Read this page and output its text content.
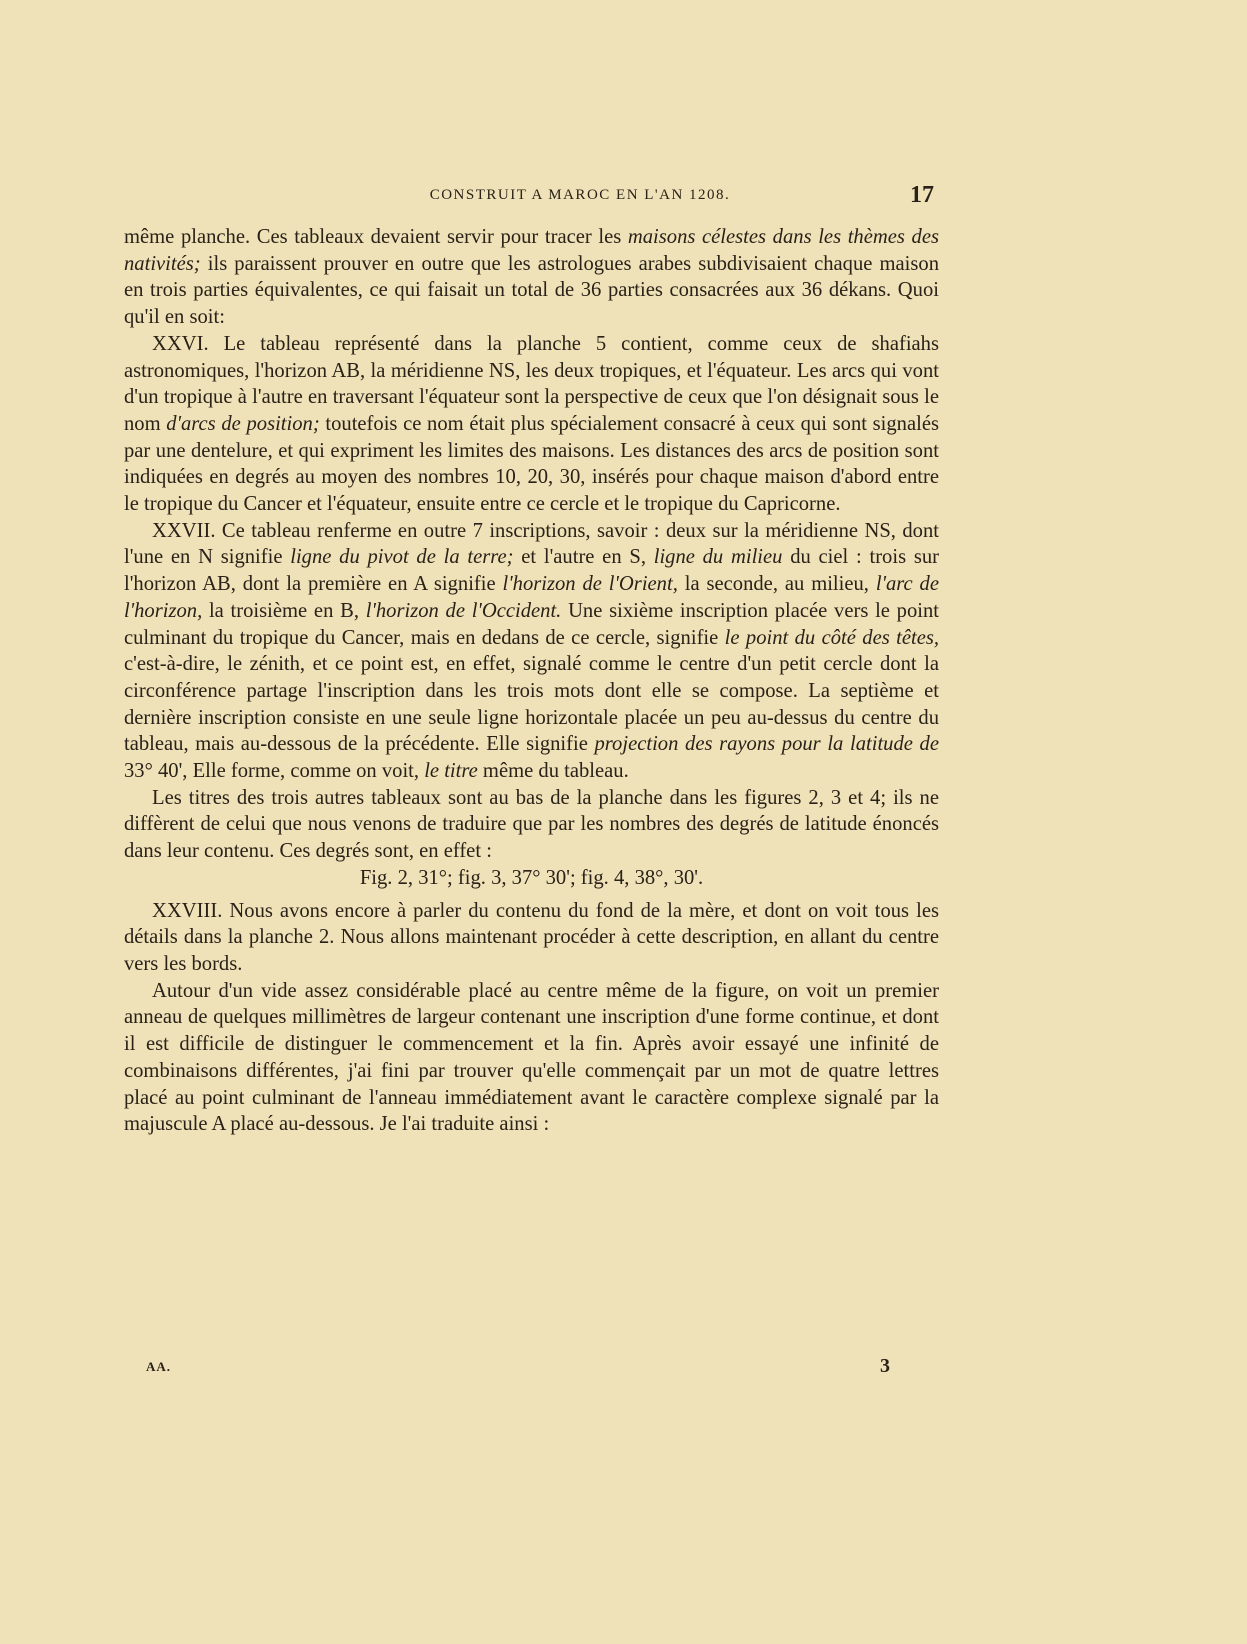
CONSTRUIT A MAROC EN L'AN 1208.	17

même planche. Ces tableaux devaient servir pour tracer les maisons célestes dans les thèmes des nativités; ils paraissent prouver en outre que les astrologues arabes subdivisaient chaque maison en trois parties équivalentes, ce qui faisait un total de 36 parties consacrées aux 36 dékans. Quoi qu'il en soit:

XXVI. Le tableau représenté dans la planche 5 contient, comme ceux de shafiahs astronomiques, l'horizon AB, la méridienne NS, les deux tropiques, et l'équateur. Les arcs qui vont d'un tropique à l'autre en traversant l'équateur sont la perspective de ceux que l'on désignait sous le nom d'arcs de position; toutefois ce nom était plus spécialement consacré à ceux qui sont signalés par une dentelure, et qui expriment les limites des maisons. Les distances des arcs de position sont indiquées en degrés au moyen des nombres 10, 20, 30, insérés pour chaque maison d'abord entre le tropique du Cancer et l'équateur, ensuite entre ce cercle et le tropique du Capricorne.

XXVII. Ce tableau renferme en outre 7 inscriptions, savoir : deux sur la méridienne NS, dont l'une en N signifie ligne du pivot de la terre; et l'autre en S, ligne du milieu du ciel : trois sur l'horizon AB, dont la première en A signifie l'horizon de l'Orient, la seconde, au milieu, l'arc de l'horizon, la troisième en B, l'horizon de l'Occident. Une sixième inscription placée vers le point culminant du tropique du Cancer, mais en dedans de ce cercle, signifie le point du côté des têtes, c'est-à-dire, le zénith, et ce point est, en effet, signalé comme le centre d'un petit cercle dont la circonférence partage l'inscription dans les trois mots dont elle se compose. La septième et dernière inscription consiste en une seule ligne horizontale placée un peu au-dessus du centre du tableau, mais au-dessous de la précédente. Elle signifie projection des rayons pour la latitude de 33° 40', Elle forme, comme on voit, le titre même du tableau.

Les titres des trois autres tableaux sont au bas de la planche dans les figures 2, 3 et 4; ils ne diffèrent de celui que nous venons de traduire que par les nombres des degrés de latitude énoncés dans leur contenu. Ces degrés sont, en effet :

Fig. 2, 31°; fig. 3, 37° 30'; fig. 4, 38°, 30'.

XXVIII. Nous avons encore à parler du contenu du fond de la mère, et dont on voit tous les détails dans la planche 2. Nous allons maintenant procéder à cette description, en allant du centre vers les bords.

Autour d'un vide assez considérable placé au centre même de la figure, on voit un premier anneau de quelques millimètres de largeur contenant une inscription d'une forme continue, et dont il est difficile de distinguer le commencement et la fin. Après avoir essayé une infinité de combinaisons différentes, j'ai fini par trouver qu'elle commençait par un mot de quatre lettres placé au point culminant de l'anneau immédiatement avant le caractère complexe signalé par la majuscule A placé au-dessous. Je l'ai traduite ainsi :

AA.	3
